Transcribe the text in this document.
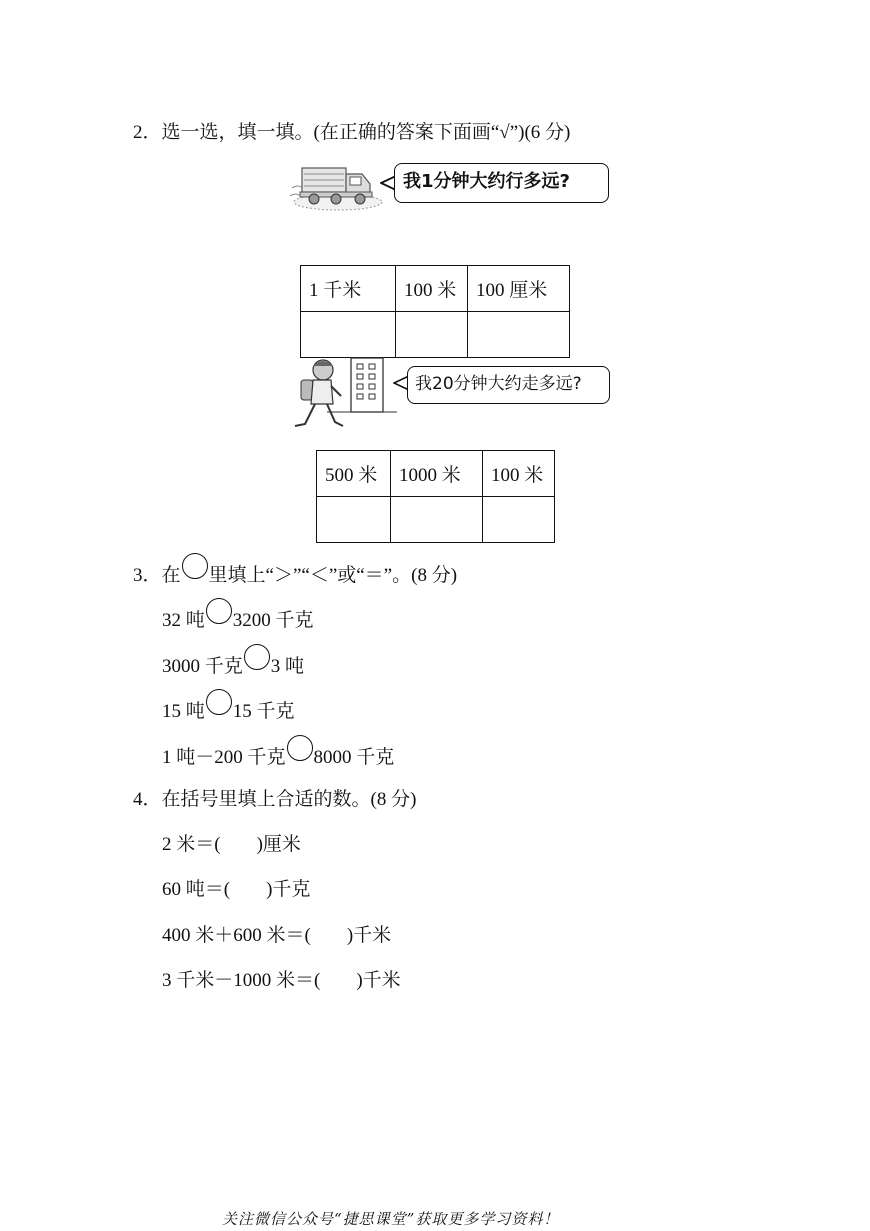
2．选一选，填一填。(在正确的答案下面画“√”)(6 分)
我1分钟大约行多远?
1 千米	100 米	100 厘米

我20分钟大约走多远?
500 米	1000 米	100 米

3．在 里填上“＞”“＜”或“＝”。(8 分)
32 吨 3200 千克
3000 千克 3 吨
15 吨 15 千克
1 吨－200 千克 8000 千克
4．在括号里填上合适的数。(8 分)
2 米＝( )厘米
60 吨＝( )千克
400 米＋600 米＝( )千米
3 千米－1000 米＝( )千米
关注微信公众号“捷思课堂”获取更多学习资料！
